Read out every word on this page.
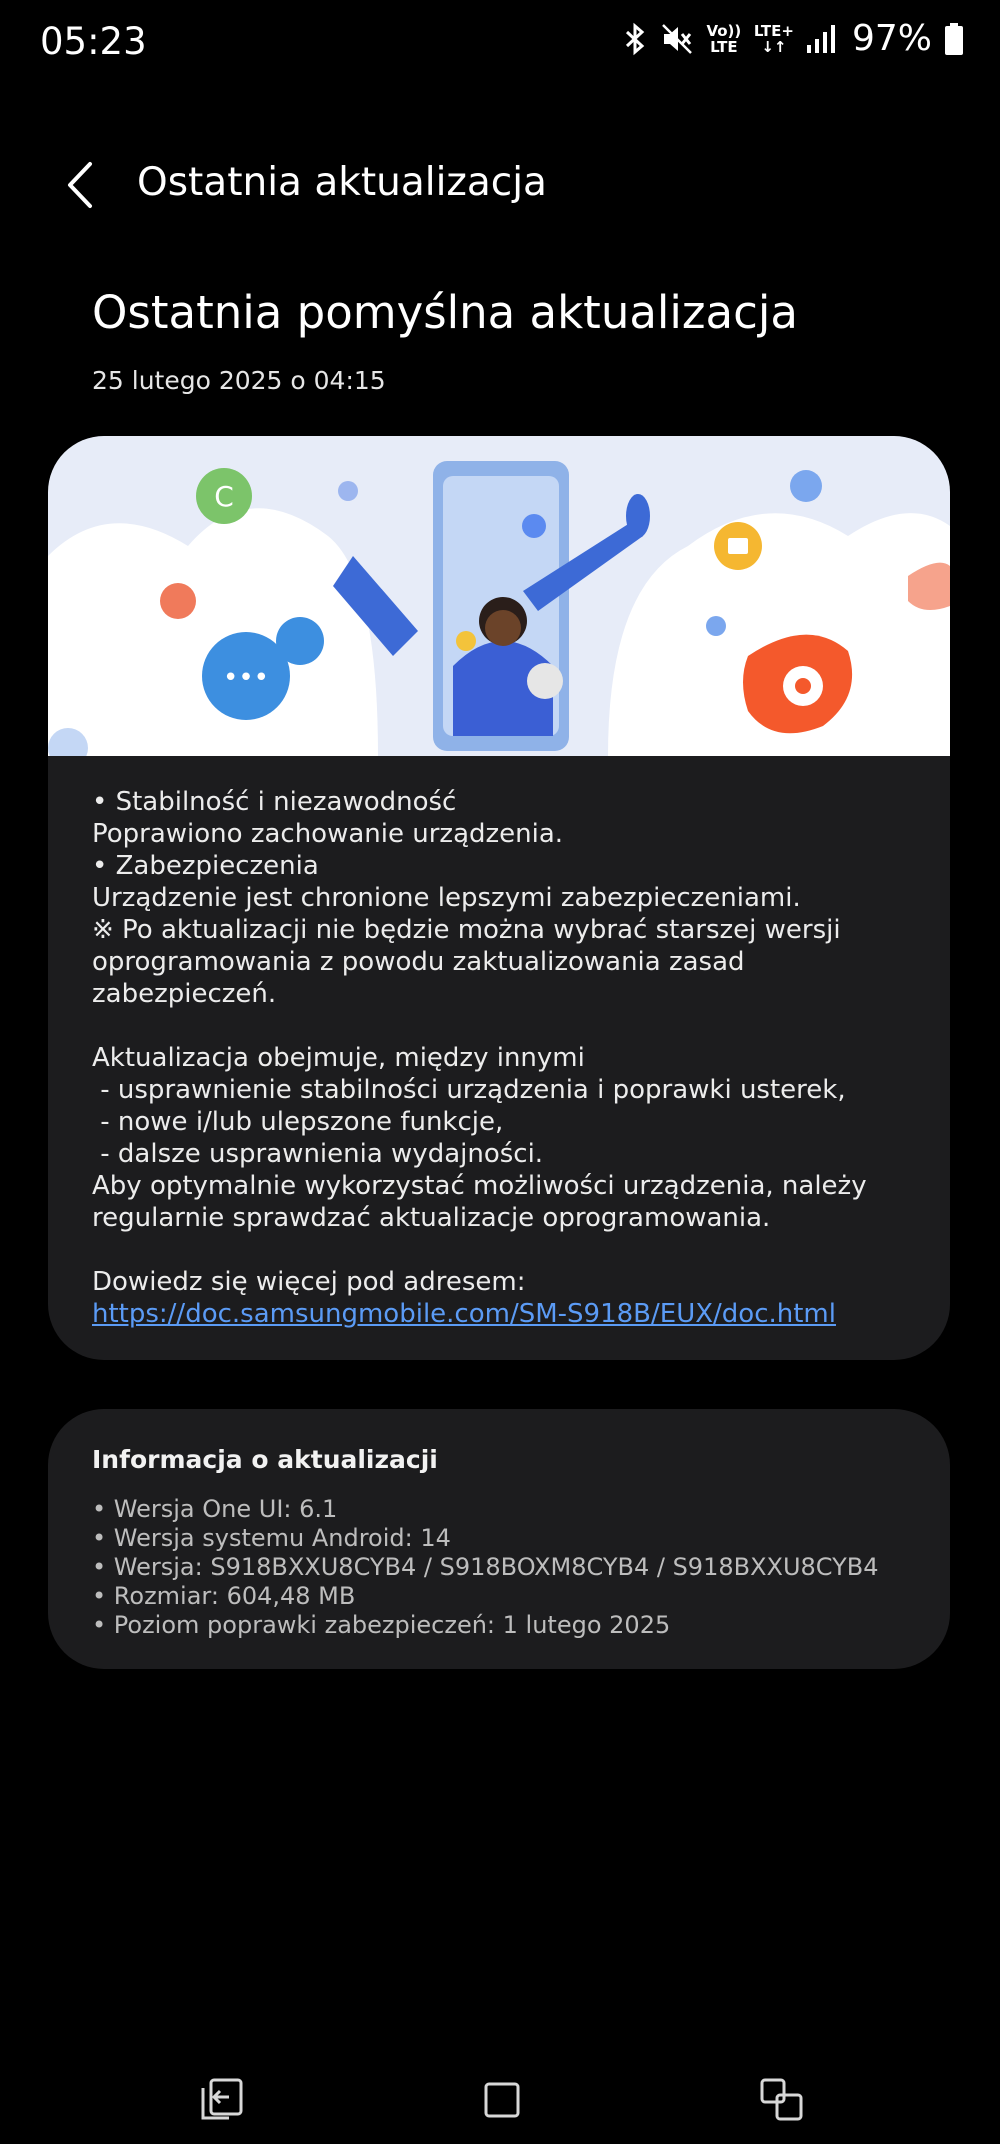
05:23	Vo)) LTE
LTE+
↓↑ 97%
Ostatnia aktualizacja
Ostatnia pomyślna aktualizacja
25 lutego 2025 o 04:15
C
•••

• Stabilność i niezawodność

Poprawiono zachowanie urządzenia.

• Zabezpieczenia

Urządzenie jest chronione lepszymi zabezpieczeniami.

※ Po aktualizacji nie będzie można wybrać starszej wersji

oprogramowania z powodu zaktualizowania zasad zabezpieczeń.

Aktualizacja obejmuje, między innymi

- usprawnienie stabilności urządzenia i poprawki usterek,

- nowe i/lub ulepszone funkcje,

- dalsze usprawnienia wydajności.

Aby optymalnie wykorzystać możliwości urządzenia, należy

regularnie sprawdzać aktualizacje oprogramowania.

Dowiedz się więcej pod adresem:

https://doc.samsungmobile.com/SM-S918B/EUX/doc.html

Informacja o aktualizacji
• Wersja One UI: 6.1
• Wersja systemu Android: 14
• Wersja: S918BXXU8CYB4 / S918BOXM8CYB4 / S918BXXU8CYB4
• Rozmiar: 604,48 MB
• Poziom poprawki zabezpieczeń: 1 lutego 2025
